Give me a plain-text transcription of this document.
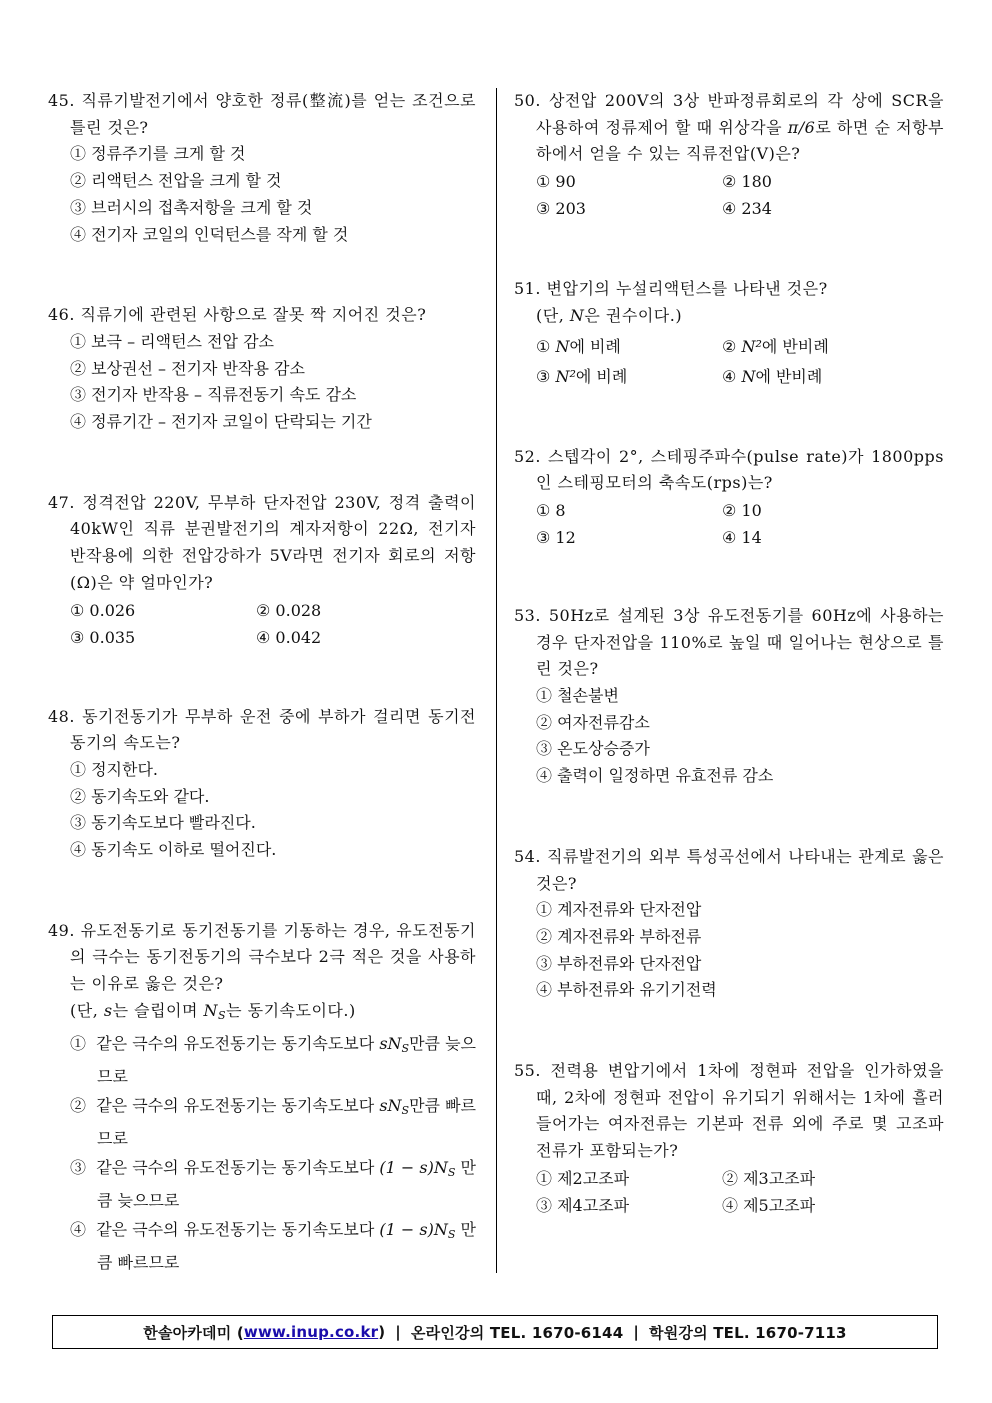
45. 직류기발전기에서 양호한 정류(整流)를 얻는 조건으로 틀린 것은?

① 정류주기를 크게 할 것

② 리액턴스 전압을 크게 할 것

③ 브러시의 접촉저항을 크게 할 것

④ 전기자 코일의 인덕턴스를 작게 할 것

46. 직류기에 관련된 사항으로 잘못 짝 지어진 것은?

① 보극 – 리액턴스 전압 감소

② 보상권선 – 전기자 반작용 감소

③ 전기자 반작용 – 직류전동기 속도 감소

④ 정류기간 – 전기자 코일이 단락되는 기간

47. 정격전압 220V, 무부하 단자전압 230V, 정격 출력이 40kW인 직류 분권발전기의 계자저항이 22Ω, 전기자 반작용에 의한 전압강하가 5V라면 전기자 회로의 저항(Ω)은 약 얼마인가?

① 0.026	② 0.028
③ 0.035	④ 0.042

48. 동기전동기가 무부하 운전 중에 부하가 걸리면 동기전동기의 속도는?

① 정지한다.

② 동기속도와 같다.

③ 동기속도보다 빨라진다.

④ 동기속도 이하로 떨어진다.

49. 유도전동기로 동기전동기를 기동하는 경우, 유도전동기의 극수는 동기전동기의 극수보다 2극 적은 것을 사용하는 이유로 옳은 것은?

(단, s는 슬립이며 $N_S$는 동기속도이다.)

① 같은 극수의 유도전동기는 동기속도보다 $sN_S$만큼 늦으므로

② 같은 극수의 유도전동기는 동기속도보다 $sN_S$만큼 빠르므로

③ 같은 극수의 유도전동기는 동기속도보다 $(1 - s)N_S$ 만큼 늦으므로

④ 같은 극수의 유도전동기는 동기속도보다 $(1 - s)N_S$ 만큼 빠르므로

50. 상전압 200V의 3상 반파정류회로의 각 상에 SCR을 사용하여 정류제어 할 때 위상각을 π/6로 하면 순 저항부하에서 얻을 수 있는 직류전압(V)은?

① 90	② 180
③ 203	④ 234

51. 변압기의 누설리액턴스를 나타낸 것은?

(단, N은 권수이다.)

① N에 비례	② N²에 반비례
③ N²에 비례	④ N에 반비례

52. 스텝각이 2°, 스테핑주파수(pulse rate)가 1800pps인 스테핑모터의 축속도(rps)는?

① 8	② 10
③ 12	④ 14

53. 50Hz로 설계된 3상 유도전동기를 60Hz에 사용하는 경우 단자전압을 110%로 높일 때 일어나는 현상으로 틀린 것은?

① 철손불변

② 여자전류감소

③ 온도상승증가

④ 출력이 일정하면 유효전류 감소

54. 직류발전기의 외부 특성곡선에서 나타내는 관계로 옳은 것은?

① 계자전류와 단자전압

② 계자전류와 부하전류

③ 부하전류와 단자전압

④ 부하전류와 유기기전력

55. 전력용 변압기에서 1차에 정현파 전압을 인가하였을 때, 2차에 정현파 전압이 유기되기 위해서는 1차에 흘러들어가는 여자전류는 기본파 전류 외에 주로 몇 고조파 전류가 포함되는가?

① 제2고조파	② 제3고조파
③ 제4고조파	④ 제5고조파
한솔아카데미 ( www.inup.co.kr ) | 온라인강의 TEL. 1670-6144 | 학원강의 TEL. 1670-7113
